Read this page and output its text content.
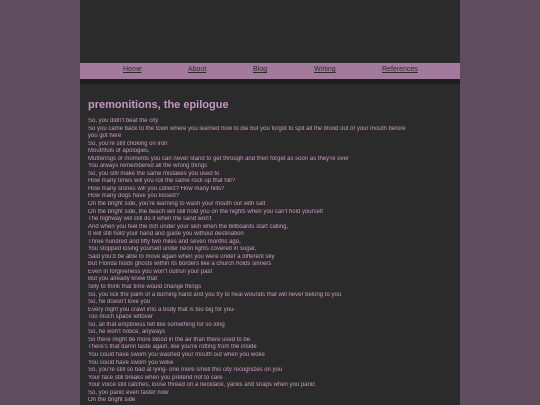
Home	About	Blog	Writing	References
premonitions, the epilogue
So, you didn't beat the city
So you came back to the town where you learned how to die but you forgot to spit all the blood out of your mouth before
you got here
So, you're still choking on iron
Mouthfuls of apologies,
Mutterings of moments you can never stand to get through and then forget as soon as they're over
You always remembered all the wrong things
So, you still make the same mistakes you used to
How many times will you roll the same rock up that hill?
How many stones will you collect? How many hills?
How many dogs have you kissed?
On the bright side, you're learning to wash your mouth out with salt
On the bright side, the beach will still hold you on the nights when you can't hold yourself
The highway will still do it when the sand won't
And when you feel the itch under your skin when the billboards start calling,
It will still hold your hand and guide you without destination
Three hundred and fifty two miles and seven months ago,
You stopped losing yourself under neon lights covered in sugar,
Said you'd be able to move again when you were under a different sky
But Florida holds ghosts within its borders like a church holds sinners
Even in forgiveness you won't outrun your past
But you already knew that
Silly to think that time would change things
So, you lick the palm of a burning hand and you try to heal wounds that will never belong to you
So, he doesn't love you
Every night you crawl into a body that is too big for you-
Too much space leftover
So, all that emptiness felt like something for so long
So, he won't notice, anyways
So there might be more blood in the air than there used to be
There's that damn taste again, like you're rotting from the inside
You could have sworn you washed your mouth out when you woke
You could have sworn you woke
So, you're still so bad at lying- one more smell this city recognizes on you
Your face still breaks when you pretend not to care
Your voice still catches, loose thread on a necklace, yanks and snaps when you panic
So, you panic even faster now
On the bright side
